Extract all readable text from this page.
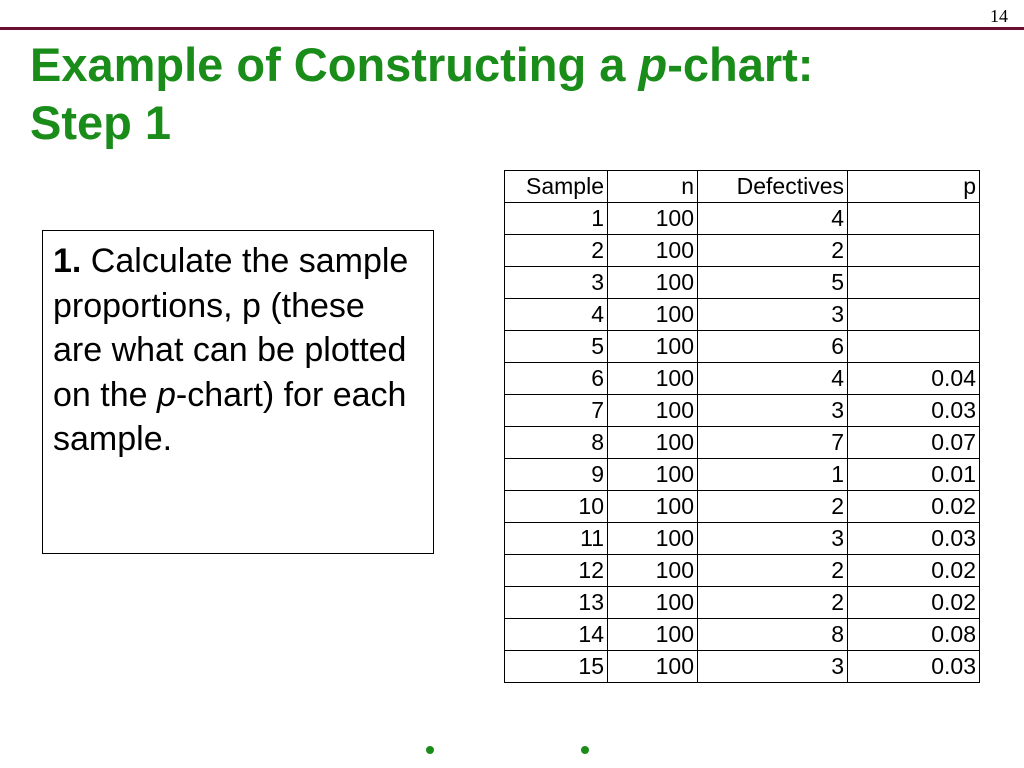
14
Example of Constructing a p-chart:
Step 1

1. Calculate the sample proportions, p (these are what can be plotted on the p-chart) for each sample.

Sample	n	Defectives	p
1	100	4	
2	100	2	
3	100	5	
4	100	3	
5	100	6	
6	100	4	0.04
7	100	3	0.03
8	100	7	0.07
9	100	1	0.01
10	100	2	0.02
11	100	3	0.03
12	100	2	0.02
13	100	2	0.02
14	100	8	0.08
15	100	3	0.03
